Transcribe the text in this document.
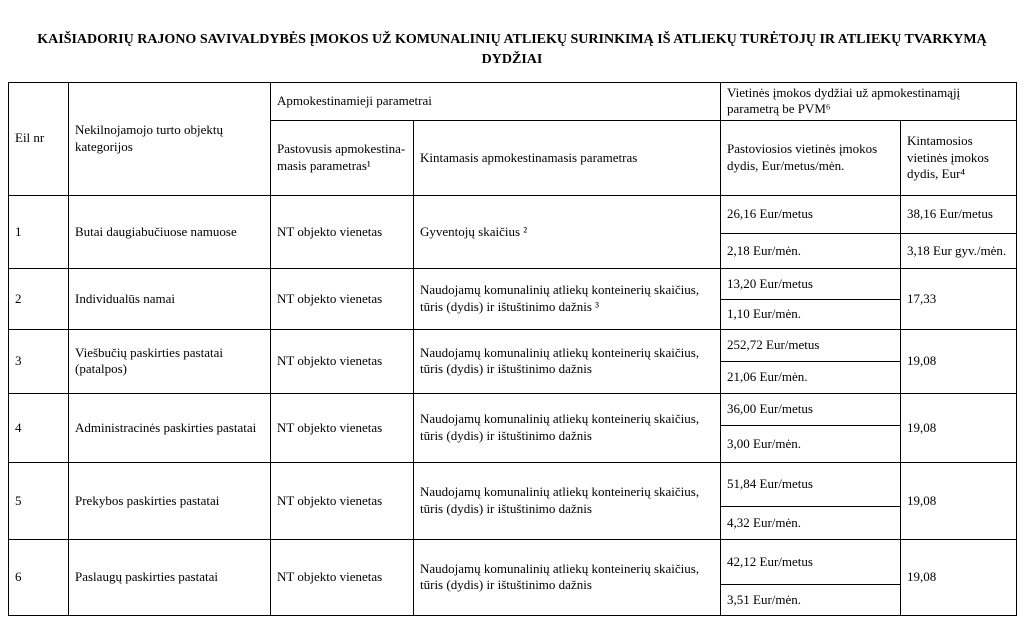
KAIŠIADORIŲ RAJONO SAVIVALDYBĖS ĮMOKOS UŽ KOMUNALINIŲ ATLIEKŲ SURINKIMĄ IŠ ATLIEKŲ TURĖTOJŲ IR ATLIEKŲ TVARKYMĄ DYDŽIAI
Eil nr	Nekilnojamojo turto objektų kategorijos	Apmokestinamieji parametrai		Vietinės įmokos dydžiai už apmokestinamąjį parametrą be PVM⁶	
		Pastovusis apmokestina-masis parametras¹	Kintamasis apmokestinamasis parametras	Pastoviosios vietinės įmokos dydis, Eur/metus/mėn.	Kintamosios vietinės įmokos dydis, Eur⁴
1	Butai daugiabučiuose namuose	NT objekto vienetas	Gyventojų skaičius ²	26,16 Eur/metus	38,16 Eur/metus
				2,18 Eur/mėn.	3,18 Eur gyv./mėn.
2	Individualūs namai	NT objekto vienetas	Naudojamų komunalinių atliekų konteinerių skaičius, tūris (dydis) ir ištuštinimo dažnis ³	13,20 Eur/metus	17,33
				1,10 Eur/mėn.	
3	Viešbučių paskirties pastatai (patalpos)	NT objekto vienetas	Naudojamų komunalinių atliekų konteinerių skaičius, tūris (dydis) ir ištuštinimo dažnis	252,72 Eur/metus	19,08
				21,06 Eur/mėn.	
4	Administracinės paskirties pastatai	NT objekto vienetas	Naudojamų komunalinių atliekų konteinerių skaičius, tūris (dydis) ir ištuštinimo dažnis	36,00 Eur/metus	19,08
				3,00 Eur/mėn.	
5	Prekybos paskirties pastatai	NT objekto vienetas	Naudojamų komunalinių atliekų konteinerių skaičius, tūris (dydis) ir ištuštinimo dažnis	51,84 Eur/metus	19,08
				4,32 Eur/mėn.	
6	Paslaugų paskirties pastatai	NT objekto vienetas	Naudojamų komunalinių atliekų konteinerių skaičius, tūris (dydis) ir ištuštinimo dažnis	42,12 Eur/metus	19,08
				3,51 Eur/mėn.	
